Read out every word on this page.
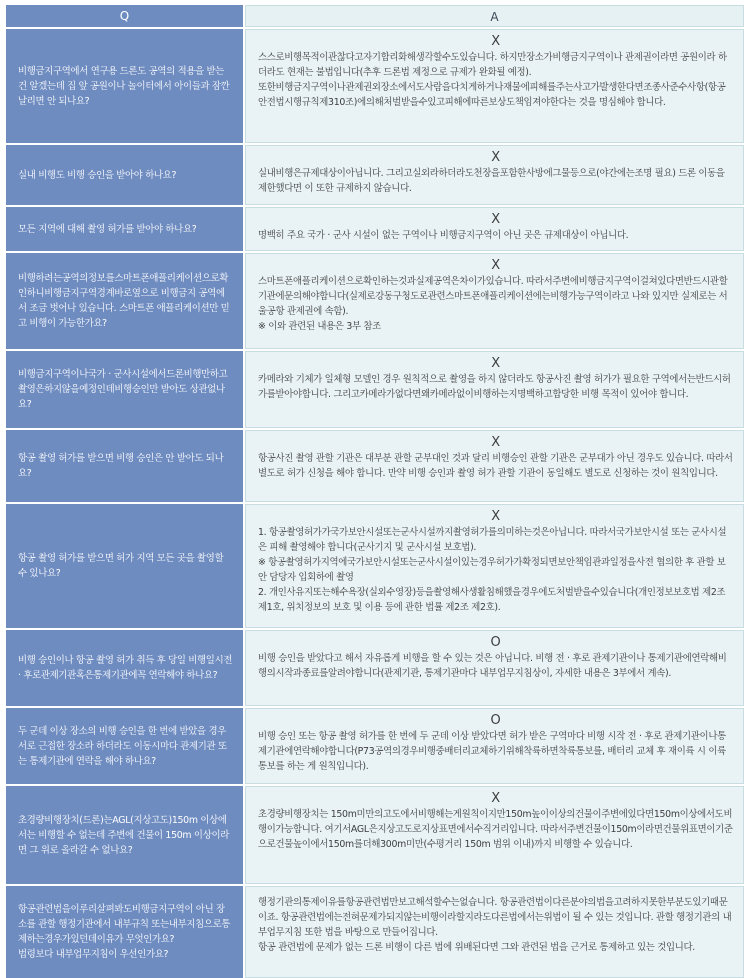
Q	A
비행금지구역에서 연구용 드론도 공역의 적용을 받는 건 알겠는데 집 앞 공원이나 놀이터에서 아이들과 잠깐 날리면 안 되나요?
X
스스로비행목적이관찮다고자기합리화해생각할수도있습니다. 하지만장소가비행금지구역이나 관제권이라면 공원이라 하더라도 현재는 불법입니다(추후 드론법 제정으로 규제가 완화될 예정).
또한비행금지구역이나관제권외장소에서도사람을다치게하거나재물에피해를주는사고가발생한다면조종사준수사항(항공안전법시행규칙제310조)에의해처벌받을수있고피해에따른보상도책임져야한다는 것을 명심해야 합니다.
실내 비행도 비행 승인을 받아야 하나요?
X
실내비행은규제대상이아닙니다. 그리고실외라하더라도천장을포함한사방에그물등으로(야간에는조명 필요) 드론 이동을 제한했다면 이 또한 규제하지 않습니다.
모든 지역에 대해 촬영 허가를 받아야 하나요?
X
명백히 주요 국가 · 군사 시설이 없는 구역이나 비행금지구역이 아닌 곳은 규제대상이 아닙니다.
비행하려는공역의정보를스마트폰애플리케이션으로확인하니비행금지구역경계바로옆으로 비행금지 공역에서 조금 벗어나 있습니다. 스마트폰 애플리케이션만 믿고 비행이 가능한가요?
X
스마트폰애플리케이션으로확인하는것과실제공역은차이가있습니다. 따라서주변에비행금지구역이걸쳐있다면반드시관할기관에문의해야합니다(실제로강동구청도로관련스마트폰애플리케이션에는비행가능구역이라고 나와 있지만 실제로는 서울공항 관제권에 속함).
※ 이와 관련된 내용은 3부 참조
비행금지구역이나국가 · 군사시설에서드론비행만하고촬영은하지않을예정인데비행승인만 받아도 상관없나요?
X
카메라와 기체가 일체형 모델인 경우 원칙적으로 촬영을 하지 않더라도 항공사진 촬영 허가가 필요한 구역에서는반드시허가를받아야합니다. 그리고카메라가없다면왜카메라없이비행하는지명백하고합당한 비행 목적이 있어야 합니다.
항공 촬영 허가를 받으면 비행 승인은 안 받아도 되나요?
X
항공사진 촬영 관할 기관은 대부분 관할 군부대인 것과 달리 비행승인 관할 기관은 군부대가 아닌 경우도 있습니다. 따라서 별도로 허가 신청을 해야 합니다. 만약 비행 승인과 촬영 허가 관할 기관이 동일해도 별도로 신청하는 것이 원칙입니다.
항공 촬영 허가를 받으면 허가 지역 모든 곳을 촬영할 수 있나요?
X
1. 항공촬영허가가국가보안시설또는군사시설까지촬영허가를의미하는것은아닙니다. 따라서국가보안시설 또는 군사시설은 피해 촬영해야 합니다(군사기지 및 군사시설 보호법).
※ 항공촬영허가지역에국가보안시설또는군사시설이있는경우허가가확정되면보안책임관과일정을사전 협의한 후 관할 보안 담당자 입회하에 촬영
2. 개인사유지또는해수욕장(실외수영장)등을촬영해사생활침해했을경우에도처벌받을수있습니다(개인정보보호법 제2조 제1호, 위치정보의 보호 및 이용 등에 관한 법률 제2조 제2호).
비행 승인이나 항공 촬영 허가 취득 후 당일 비행일시전 · 후로관제기관혹은통제기관에꼭 연락해야 하나요?
O
비행 승인을 받았다고 해서 자유롭게 비행을 할 수 있는 것은 아닙니다. 비행 전 · 후로 관제기관이나 통제기관에연락해비행의시작과종료를알려야합니다(관제기관, 통제기관마다 내부업무지침상이, 자세한 내용은 3부에서 계속).
두 군데 이상 장소의 비행 승인을 한 번에 받았을 경우 서로 근접한 장소라 하더라도 이동시마다 관제기관 또는 통제기관에 연락을 해야 하나요?
O
비행 승인 또는 항공 촬영 허가를 한 번에 두 군데 이상 받았다면 허가 받은 구역마다 비행 시작 전 · 후로 관제기관이나통제기관에연락해야합니다(P73공역의경우비행중배터리교체하기위해착륙하면착륙통보를, 배터리 교체 후 재이륙 시 이륙통보를 하는 게 원칙입니다).
초경량비행장치(드론)는AGL(지상고도)150m 이상에서는 비행할 수 없는데 주변에 건물이 150m 이상이라면 그 위로 올라갈 수 없나요?
X
초경량비행장치는 150m미만의고도에서비행해는게원칙이지만150m높이이상의건물이주변에있다면150m이상에서도비행이가능합니다. 여기서AGL은지상고도로지상표면에서수직거리입니다. 따라서주변건물이150m이라면건물위표면이기준으로건물높이에서150m를더해300m미만(수평거리 150m 범위 이내)까지 비행할 수 있습니다.
항공관련법을이루리살펴봐도비행금지구역이 아닌 장소를 관할 행정기관에서 내부규칙 또는내부지침으로통제하는경우가있던데이유가 무엇인가요?
법령보다 내부업무지침이 우선인가요?
행정기관의통제이유를항공관련법만보고해석할수는없습니다. 항공관련법이다른분야의법을고려하지못한부분도있기때문이죠. 항공관련법에는전혀문제가되지않는비행이라할지라도다른법에서는위법이 될 수 있는 것입니다. 관할 행정기관의 내부업무지침 또한 법을 바탕으로 만들어집니다.
항공 관련법에 문제가 없는 드론 비행이 다른 법에 위배된다면 그와 관련된 법을 근거로 통제하고 있는 것입니다.
